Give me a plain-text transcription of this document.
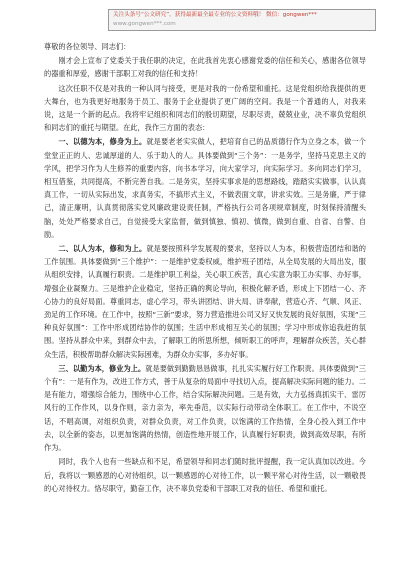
关注头条号“公文研究”，获得最新最全最专业的公文资料哦！ 微信：gongwen***
www.gongwen***.com

尊敬的各位领导、同志们：

刚才会上宣布了党委关于我任职的决定，在此我首先衷心感谢党委的信任和关心，感谢各位领导的器重和厚爱，感谢干部职工对我的信任和支持！

这次任职不仅是对我的一种认同与接受，更是对我的一份希望和重托。这是党组织给我提供的更大舞台，也为我更好地服务于员工、服务于企业提供了更广阔的空间。我是一个普通的人，对我来说，这是一个新的起点。我将牢记组织和同志们的殷切期望，尽职尽责，兢兢业业，决不辜负党组织和同志们的重托与期望。在此，我作三方面的表态：

一、以德为本，修身为上。就是要老老实实做人，把培育自己的品质德行作为立身之本，做一个堂堂正正的人、忠诚厚道的人、乐于助人的人。具体要做到“三个务”：一是务学，坚持马克思主义的学风，把学习作为人生修养的重要内容，向书本学习，向大家学习，向实际学习。多向同志们学习，相互借鉴，共同提高，不断完善自我。二是务实，坚持实事求是的思想路线，踏踏实实做事，认认真真工作，一切从实际出发，求真务实，不搞形式主义，不做表面文章，讲求实效。三是务廉，严于律己，清正廉明，认真贯彻落实党风廉政建设责任制，严格执行公司各项规章制度，时刻保持清醒头脑，处处严格要求自己，自觉接受大家监督，做到慎独、慎初、慎微，做到自重、自省、自警、自励。

二、以人为本，修和为上。就是要按照科学发展观的要求，坚持以人为本，积极营造团结和谐的工作氛围。具体要做到“三个维护”：一是维护党委权威，维护班子团结，从全局发展的大局出发，服从组织安排，认真履行职责。二是维护职工利益，关心职工疾苦，真心实意为职工办实事、办好事，增强企业凝聚力。三是维护企业稳定，坚持正确的舆论导向，积极化解矛盾，形成上下团结一心、齐心协力的良好局面。尊重同志，虚心学习，带头讲团结、讲大局、讲奉献，营造心齐、气顺、风正、劲足的工作环境。在工作中，按照“三新”要求，努力营造推进公司又好又快发展的良好氛围，实现“三种良好氛围”：工作中形成团结协作的氛围；生活中形成相互关心的氛围；学习中形成你追我赶的氛围。坚持从群众中来，到群众中去，了解职工的所思所想，倾听职工的呼声，理解群众疾苦，关心群众生活，积极帮助群众解决实际困难，为群众办实事，多办好事。

三、以勤为本，修业为上。就是要做到勤勤恳恳做事，扎扎实实履行好工作职责。具体要做到“三个有”：一是有作为，改进工作方式，善于从复杂的局面中寻找切入点，提高解决实际问题的能力。二是有能力，增强综合能力，围绕中心工作，结合实际解决问题。三是有效，大力弘扬真抓实干、雷厉风行的工作作风，以身作则，亲力亲为，率先垂范，以实际行动带动全体职工。在工作中，不说空话，不唱高调，对组织负责，对群众负责，对工作负责，以饱满的工作热情，全身心投入到工作中去，以全新的姿态，以更加饱满的热情，创造性地开展工作，认真履行好职责，做到高效尽职，有所作为。

同时，我个人也有一些缺点和不足，希望领导和同志们随时批评提醒，我一定认真加以改进。今后，我将以一颗感恩的心对待组织，以一颗感恩的心对待工作，以一颗平常心对待生活，以一颗敬畏的心对待权力。恪尽职守，勤奋工作，决不辜负党委和干部职工对我的信任、希望和重托。
